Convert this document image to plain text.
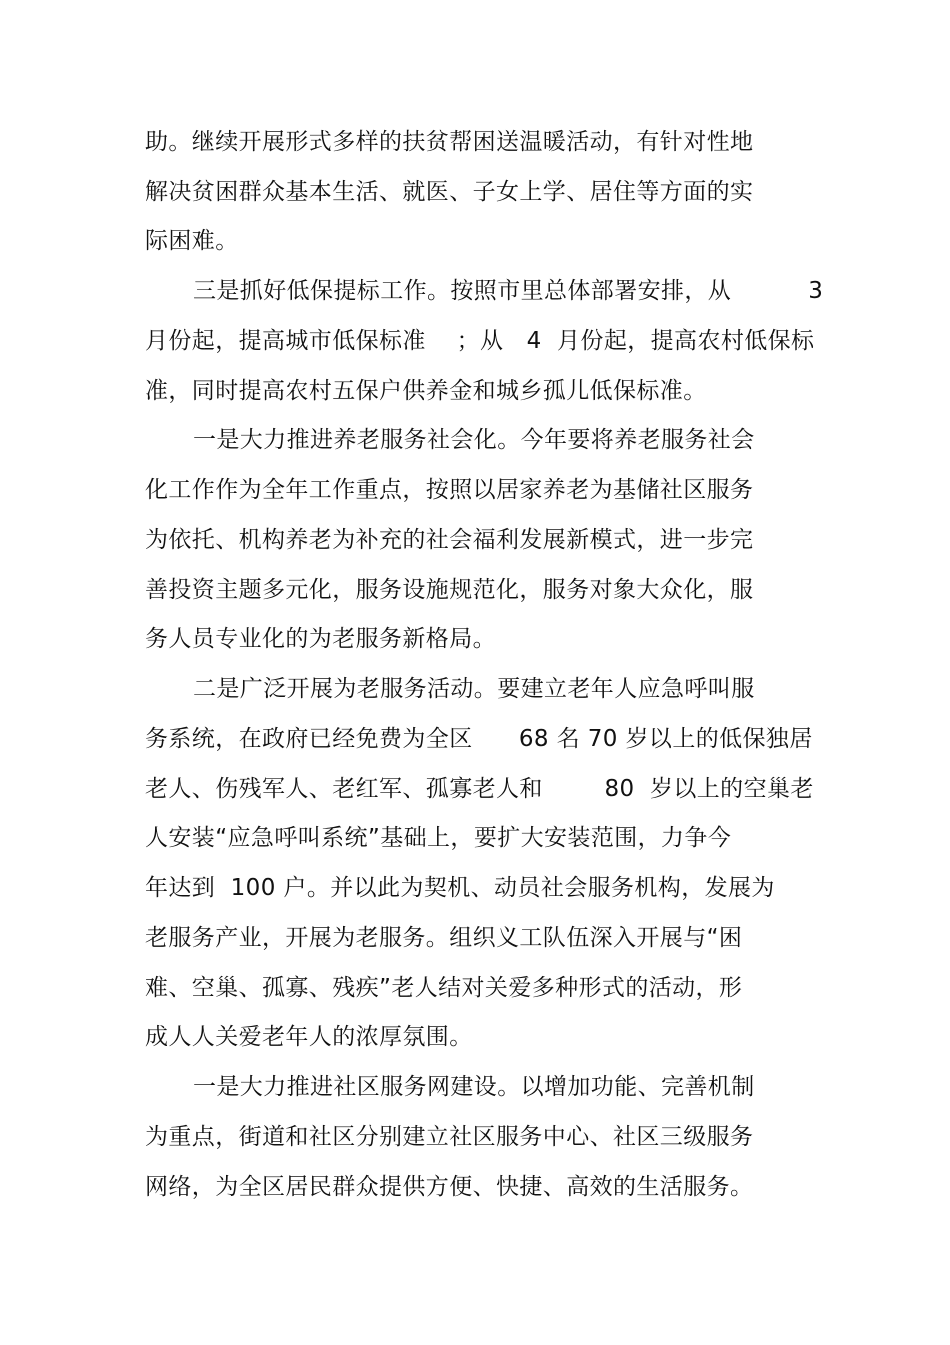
助。继续开展形式多样的扶贫帮困送温暖活动，有针对性地
解决贫困群众基本生活、就医、子女上学、居住等方面的实
际困难。
三是抓好低保提标工作。按照市里总体部署安排，从          3
月份起，提高城市低保标准    ；从   4  月份起，提高农村低保标
准，同时提高农村五保户供养金和城乡孤儿低保标准。
一是大力推进养老服务社会化。今年要将养老服务社会
化工作作为全年工作重点，按照以居家养老为基储社区服务
为依托、机构养老为补充的社会福利发展新模式，进一步完
善投资主题多元化，服务设施规范化，服务对象大众化，服
务人员专业化的为老服务新格局。
二是广泛开展为老服务活动。要建立老年人应急呼叫服
务系统，在政府已经免费为全区      68 名 70 岁以上的低保独居
老人、伤残军人、老红军、孤寡老人和        80  岁以上的空巢老
人安装“应急呼叫系统”基础上，要扩大安装范围，力争今
年达到  100 户。并以此为契机、动员社会服务机构，发展为
老服务产业，开展为老服务。组织义工队伍深入开展与“困
难、空巢、孤寡、残疾”老人结对关爱多种形式的活动，形
成人人关爱老年人的浓厚氛围。
一是大力推进社区服务网建设。以增加功能、完善机制
为重点，街道和社区分别建立社区服务中心、社区三级服务
网络，为全区居民群众提供方便、快捷、高效的生活服务。
